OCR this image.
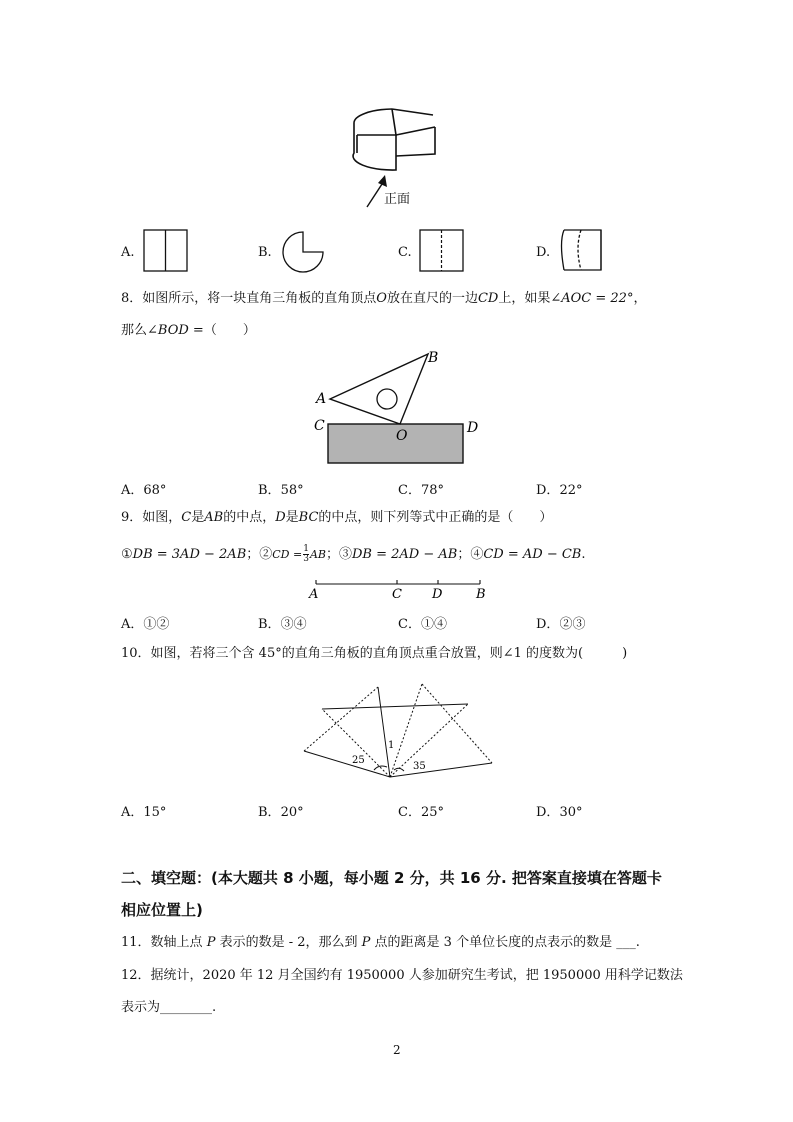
正面
A.	B.	C.	D.
8．如图所示，将一块直角三角板的直角顶点O放在直尺的一边CD上，如果∠AOC = 22°，
那么∠BOD =（　　）
B
A
C
O	D
A．68°	B．58°	C．78°	D．22°
9．如图，C是AB的中点，D是BC的中点，则下列等式中正确的是（　　）
①DB = 3AD − 2AB；②CD = $\frac{1}{3}$ AB；③DB = 2AD − AB；④CD = AD − CB.
A	C D	B
A．①②	B．③④	C．①④	D．②③
10．如图，若将三个含 45°的直角三角板的直角顶点重合放置，则∠1 的度数为(　　　)
1
25
35
A．15°	B．20°	C．25°	D．30°
二、填空题：(本大题共 8 小题，每小题 2 分，共 16 分. 把答案直接填在答题卡
相应位置上)
11．数轴上点 P 表示的数是 - 2，那么到 P 点的距离是 3 个单位长度的点表示的数是 ___.
12．据统计，2020 年 12 月全国约有 1950000 人参加研究生考试，把 1950000 用科学记数法
表示为________.
2
